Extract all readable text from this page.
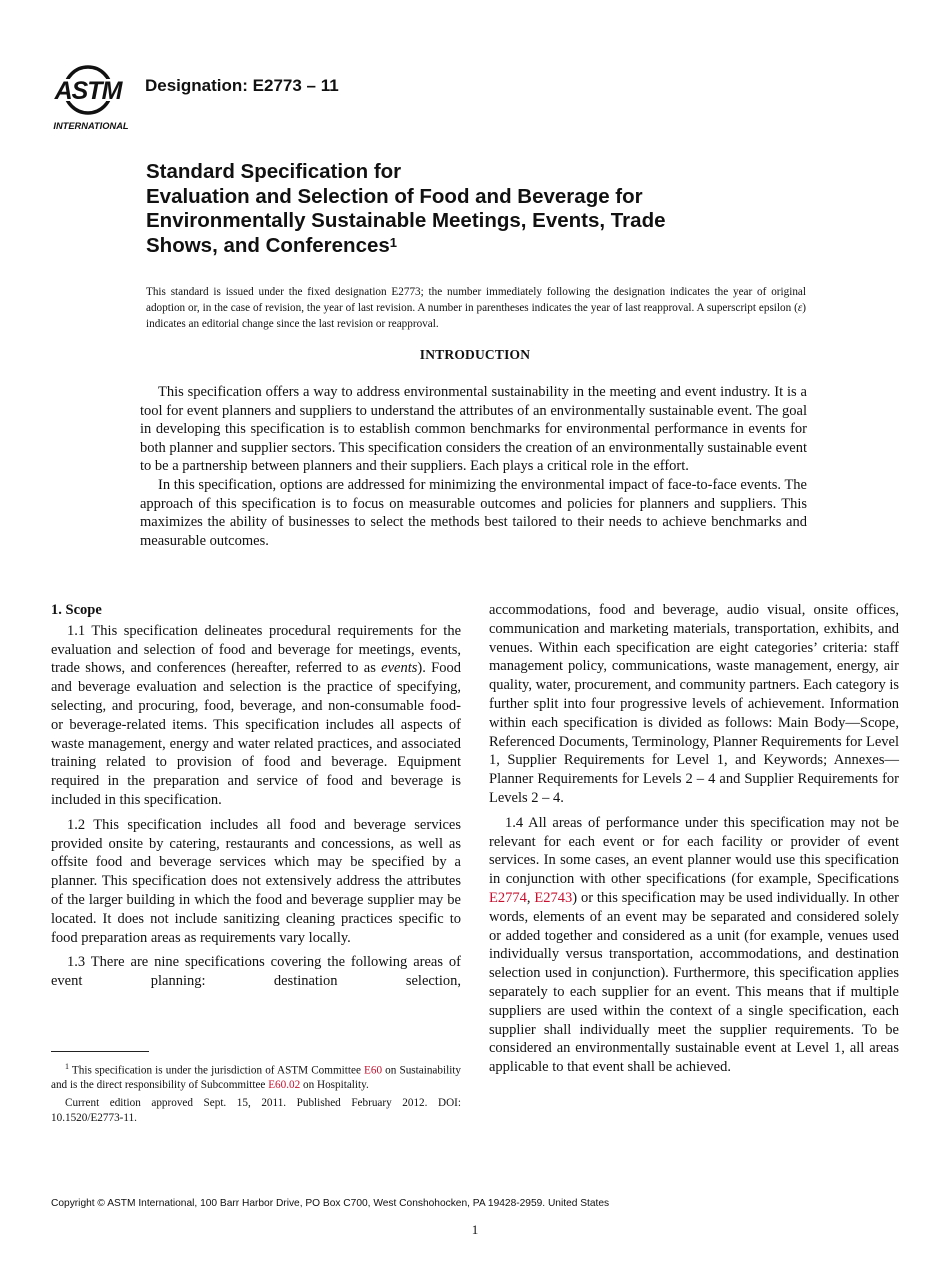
ASTM
INTERNATIONAL
Designation: E2773 – 11
Standard Specification for
Evaluation and Selection of Food and Beverage for
Environmentally Sustainable Meetings, Events, Trade
Shows, and Conferences$^1$
This standard is issued under the fixed designation E2773; the number immediately following the designation indicates the year of original adoption or, in the case of revision, the year of last revision. A number in parentheses indicates the year of last reapproval. A superscript epsilon (ε) indicates an editorial change since the last revision or reapproval.
INTRODUCTION

This specification offers a way to address environmental sustainability in the meeting and event industry. It is a tool for event planners and suppliers to understand the attributes of an environmentally sustainable event. The goal in developing this specification is to establish common benchmarks for environmental performance in events for both planner and supplier sectors. This specification considers the creation of an environmentally sustainable event to be a partnership between planners and their suppliers. Each plays a critical role in the effort.

In this specification, options are addressed for minimizing the environmental impact of face-to-face events. The approach of this specification is to focus on measurable outcomes and policies for planners and suppliers. This maximizes the ability of businesses to select the methods best tailored to their needs to achieve benchmarks and measurable outcomes.

1. Scope

1.1 This specification delineates procedural requirements for the evaluation and selection of food and beverage for meetings, events, trade shows, and conferences (hereafter, referred to as events). Food and beverage evaluation and selection is the practice of specifying, selecting, and procuring, food, beverage, and non-consumable food- or beverage-related items. This specification includes all aspects of waste management, energy and water related practices, and associated training related to provision of food and beverage. Equipment required in the preparation and service of food and beverage is included in this specification.

1.2 This specification includes all food and beverage services provided onsite by catering, restaurants and concessions, as well as offsite food and beverage services which may be specified by a planner. This specification does not extensively address the attributes of the larger building in which the food and beverage supplier may be located. It does not include sanitizing cleaning practices specific to food preparation areas as requirements vary locally.

1.3 There are nine specifications covering the following areas of event planning: destination selection,

$^1$ This specification is under the jurisdiction of ASTM Committee E60 on Sustainability and is the direct responsibility of Subcommittee E60.02 on Hospitality.

Current edition approved Sept. 15, 2011. Published February 2012. DOI: 10.1520/E2773-11.

accommodations, food and beverage, audio visual, onsite offices, communication and marketing materials, transportation, exhibits, and venues. Within each specification are eight categories’ criteria: staff management policy, communications, waste management, energy, air quality, water, procurement, and community partners. Each category is further split into four progressive levels of achievement. Information within each specification is divided as follows: Main Body—Scope, Referenced Documents, Terminology, Planner Requirements for Level 1, Supplier Requirements for Level 1, and Keywords; Annexes—Planner Requirements for Levels 2 – 4 and Supplier Requirements for Levels 2 – 4.

1.4 All areas of performance under this specification may not be relevant for each event or for each facility or provider of event services. In some cases, an event planner would use this specification in conjunction with other specifications (for example, Specifications E2774, E2743) or this specification may be used individually. In other words, elements of an event may be separated and considered solely or added together and considered as a unit (for example, venues used individually versus transportation, accommodations, and destination selection used in conjunction). Furthermore, this specification applies separately to each supplier for an event. This means that if multiple suppliers are used within the context of a single specification, each supplier shall individually meet the supplier requirements. To be considered an environmentally sustainable event at Level 1, all areas applicable to that event shall be achieved.

Copyright © ASTM International, 100 Barr Harbor Drive, PO Box C700, West Conshohocken, PA 19428-2959. United States
1
